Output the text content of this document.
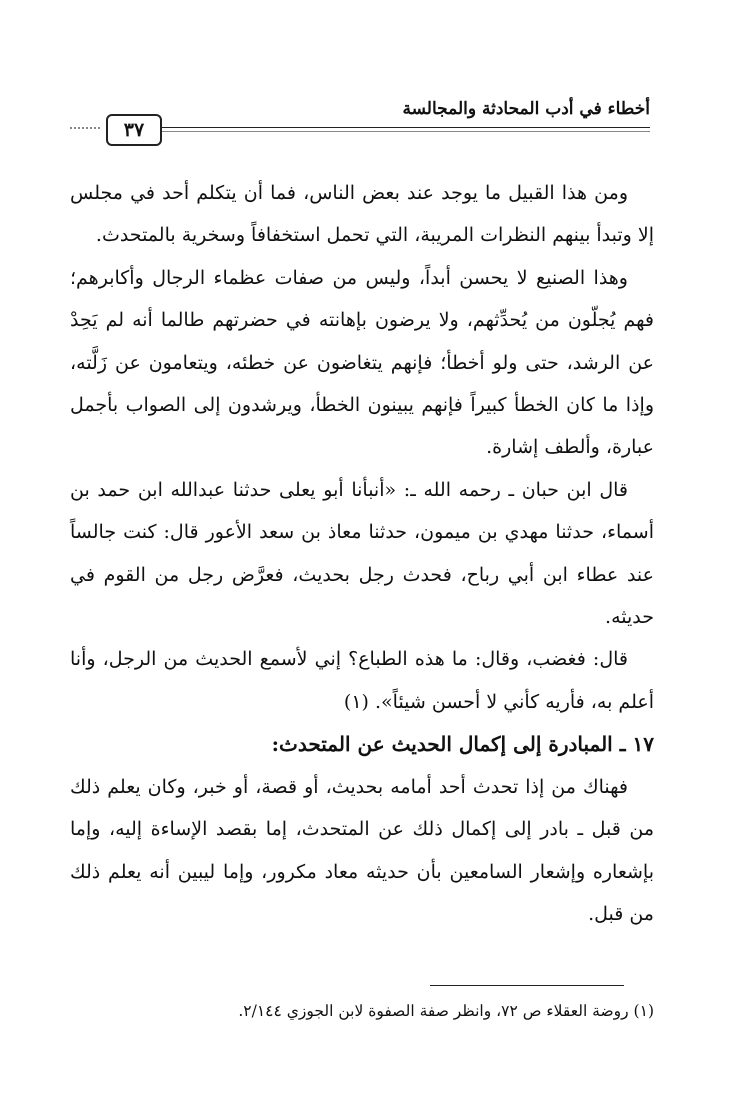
أخطاء في أدب المحادثة والمجالسة
٣٧

ومن هذا القبيل ما يوجد عند بعض الناس، فما أن يتكلم أحد في مجلس إلا وتبدأ بينهم النظرات المريبة، التي تحمل استخفافاً وسخرية بالمتحدث.

وهذا الصنيع لا يحسن أبداً، وليس من صفات عظماء الرجال وأكابرهم؛ فهم يُجلّون من يُحدِّثهم، ولا يرضون بإهانته في حضرتهم طالما أنه لم يَحِدْ عن الرشد، حتى ولو أخطأ؛ فإنهم يتغاضون عن خطئه، ويتعامون عن زَلَّته، وإذا ما كان الخطأ كبيراً فإنهم يبينون الخطأ، ويرشدون إلى الصواب بأجمل عبارة، وألطف إشارة.

قال ابن حبان ـ رحمه الله ـ: «أنبأنا أبو يعلى حدثنا عبدالله ابن حمد بن أسماء، حدثنا مهدي بن ميمون، حدثنا معاذ بن سعد الأعور قال: كنت جالساً عند عطاء ابن أبي رباح، فحدث رجل بحديث، فعرَّض رجل من القوم في حديثه.

قال: فغضب، وقال: ما هذه الطباع؟ إني لأسمع الحديث من الرجل، وأنا أعلم به، فأريه كأني لا أحسن شيئاً». (١)

١٧ ـ المبادرة إلى إكمال الحديث عن المتحدث:

فهناك من إذا تحدث أحد أمامه بحديث، أو قصة، أو خبر، وكان يعلم ذلك من قبل ـ بادر إلى إكمال ذلك عن المتحدث، إما بقصد الإساءة إليه، وإما بإشعاره وإشعار السامعين بأن حديثه معاد مكرور، وإما ليبين أنه يعلم ذلك من قبل.

(١) روضة العقلاء ص ٧٢، وانظر صفة الصفوة لابن الجوزي ٢/١٤٤.
